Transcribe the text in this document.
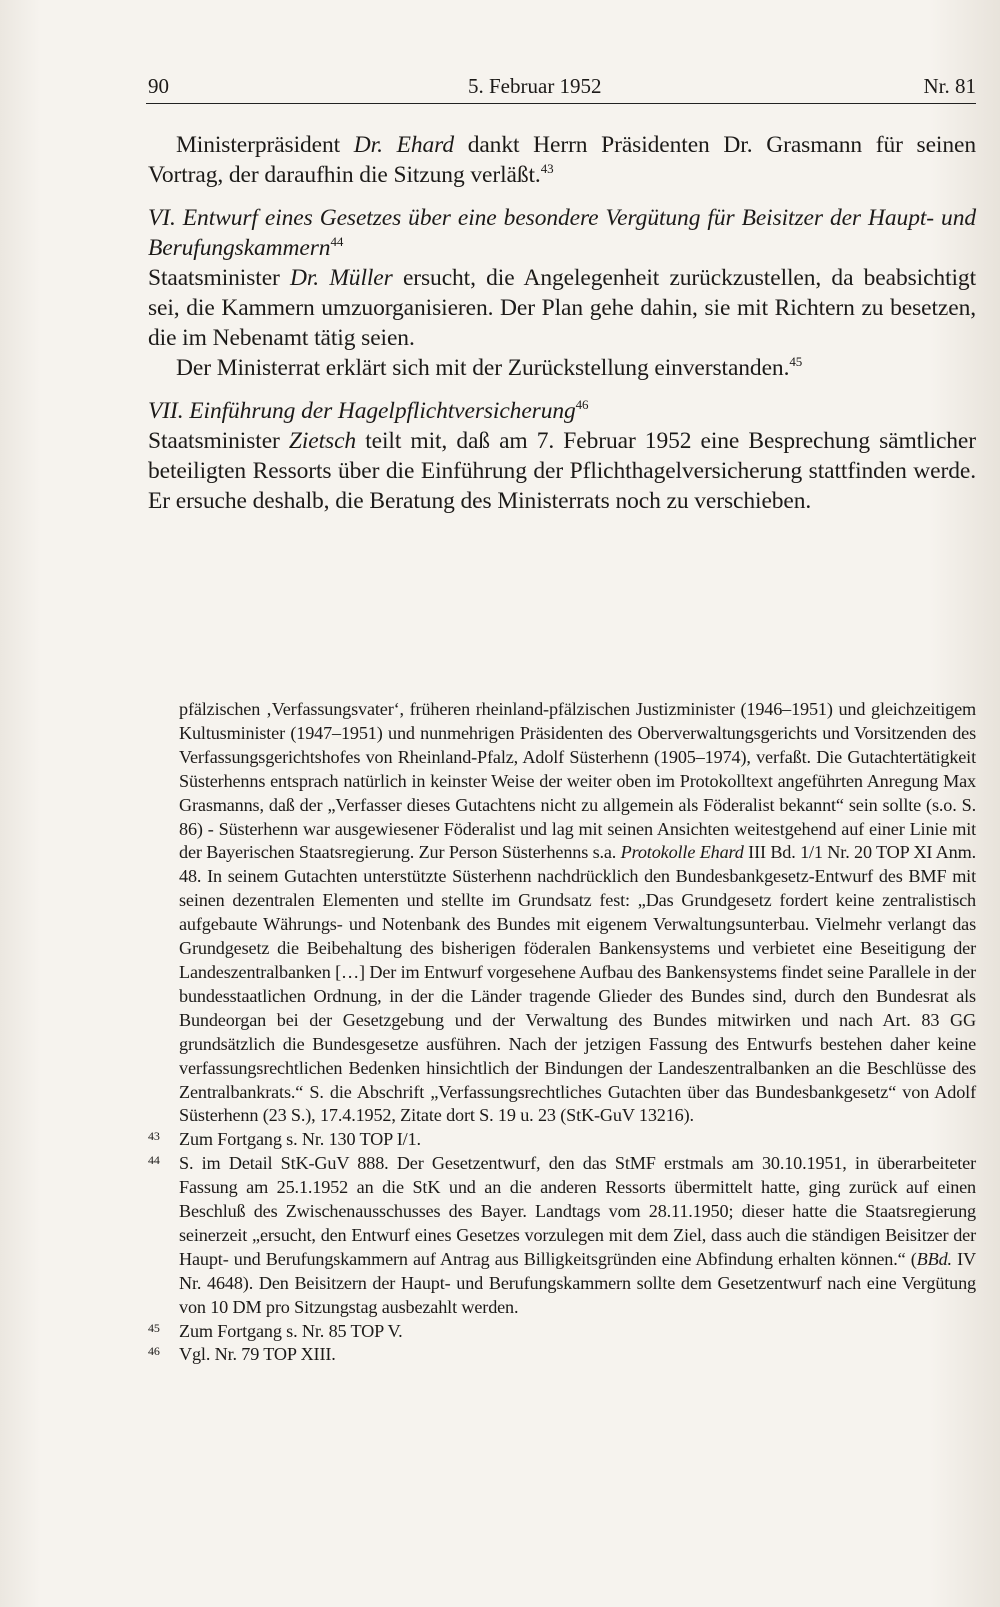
90	5. Februar 1952	Nr. 81

Ministerpräsident Dr. Ehard dankt Herrn Präsidenten Dr. Grasmann für seinen Vortrag, der daraufhin die Sitzung verläßt.$^{43}$

VI. Entwurf eines Gesetzes über eine besondere Vergütung für Beisitzer der Haupt- und Berufungskammern$^{44}$

Staatsminister Dr. Müller ersucht, die Angelegenheit zurückzustellen, da beabsichtigt sei, die Kammern umzuorganisieren. Der Plan gehe dahin, sie mit Richtern zu besetzen, die im Nebenamt tätig seien.

Der Ministerrat erklärt sich mit der Zurückstellung einverstanden.$^{45}$

VII. Einführung der Hagelpflichtversicherung$^{46}$

Staatsminister Zietsch teilt mit, daß am 7. Februar 1952 eine Besprechung sämtlicher beteiligten Ressorts über die Einführung der Pflichthagelversicherung stattfinden werde. Er ersuche deshalb, die Beratung des Ministerrats noch zu verschieben.

pfälzischen ‚Verfassungsvater‘, früheren rheinland-pfälzischen Justizminister (1946–1951) und gleichzeitigem Kultusminister (1947–1951) und nunmehrigen Präsidenten des Oberverwaltungsgerichts und Vorsitzenden des Verfassungsgerichtshofes von Rheinland-Pfalz, Adolf Süsterhenn (1905–1974), verfaßt. Die Gutachtertätigkeit Süsterhenns entsprach natürlich in keinster Weise der weiter oben im Protokolltext angeführten Anregung Max Grasmanns, daß der „Verfasser dieses Gutachtens nicht zu allgemein als Föderalist bekannt“ sein sollte (s.o. S. 86) - Süsterhenn war ausgewiesener Föderalist und lag mit seinen Ansichten weitestgehend auf einer Linie mit der Bayerischen Staatsregierung. Zur Person Süsterhenns s.a. Protokolle Ehard III Bd. 1/1 Nr. 20 TOP XI Anm. 48. In seinem Gutachten unterstützte Süsterhenn nachdrücklich den Bundesbankgesetz-Entwurf des BMF mit seinen dezentralen Elementen und stellte im Grundsatz fest: „Das Grundgesetz fordert keine zentralistisch aufgebaute Währungs- und Notenbank des Bundes mit eigenem Verwaltungsunterbau. Vielmehr verlangt das Grundgesetz die Beibehaltung des bisherigen föderalen Bankensystems und verbietet eine Beseitigung der Landeszentralbanken […] Der im Entwurf vorgesehene Aufbau des Bankensystems findet seine Parallele in der bundesstaatlichen Ordnung, in der die Länder tragende Glieder des Bundes sind, durch den Bundesrat als Bundeorgan bei der Gesetzgebung und der Verwaltung des Bundes mitwirken und nach Art. 83 GG grundsätzlich die Bundesgesetze ausführen. Nach der jetzigen Fassung des Entwurfs bestehen daher keine verfassungsrechtlichen Bedenken hinsichtlich der Bindungen der Landeszentralbanken an die Beschlüsse des Zentralbankrats.“ S. die Abschrift „Verfassungsrechtliches Gutachten über das Bundesbankgesetz“ von Adolf Süsterhenn (23 S.), 17.4.1952, Zitate dort S. 19 u. 23 (StK-GuV 13216).

43 Zum Fortgang s. Nr. 130 TOP I/1.

44 S. im Detail StK-GuV 888. Der Gesetzentwurf, den das StMF erstmals am 30.10.1951, in überarbeiteter Fassung am 25.1.1952 an die StK und an die anderen Ressorts übermittelt hatte, ging zurück auf einen Beschluß des Zwischenausschusses des Bayer. Landtags vom 28.11.1950; dieser hatte die Staatsregierung seinerzeit „ersucht, den Entwurf eines Gesetzes vorzulegen mit dem Ziel, dass auch die ständigen Beisitzer der Haupt- und Berufungskammern auf Antrag aus Billigkeitsgründen eine Abfindung erhalten können.“ (BBd. IV Nr. 4648). Den Beisitzern der Haupt- und Berufungskammern sollte dem Gesetzentwurf nach eine Vergütung von 10 DM pro Sitzungstag ausbezahlt werden.

45 Zum Fortgang s. Nr. 85 TOP V.

46 Vgl. Nr. 79 TOP XIII.
